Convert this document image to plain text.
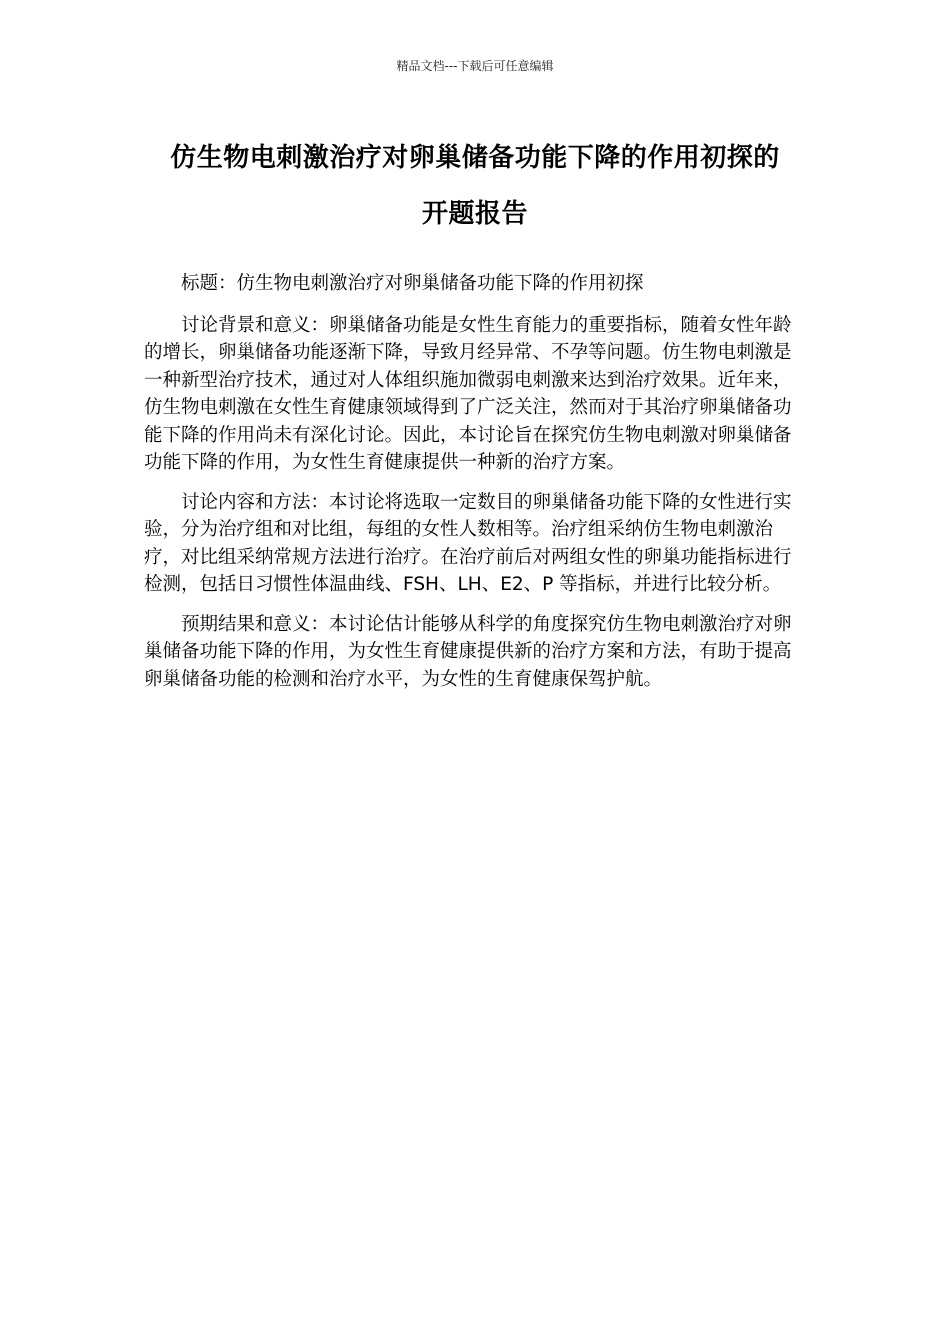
精品文档---下载后可任意编辑
仿生物电刺激治疗对卵巢储备功能下降的作用初探的
开题报告

标题：仿生物电刺激治疗对卵巢储备功能下降的作用初探

讨论背景和意义：卵巢储备功能是女性生育能力的重要指标，随着女性年龄的增长，卵巢储备功能逐渐下降，导致月经异常、不孕等问题。仿生物电刺激是一种新型治疗技术，通过对人体组织施加微弱电刺激来达到治疗效果。近年来，仿生物电刺激在女性生育健康领域得到了广泛关注，然而对于其治疗卵巢储备功能下降的作用尚未有深化讨论。因此，本讨论旨在探究仿生物电刺激对卵巢储备功能下降的作用，为女性生育健康提供一种新的治疗方案。

讨论内容和方法：本讨论将选取一定数目的卵巢储备功能下降的女性进行实验，分为治疗组和对比组，每组的女性人数相等。治疗组采纳仿生物电刺激治疗，对比组采纳常规方法进行治疗。在治疗前后对两组女性的卵巢功能指标进行检测，包括日习惯性体温曲线、FSH、LH、E2、P 等指标，并进行比较分析。

预期结果和意义：本讨论估计能够从科学的角度探究仿生物电刺激治疗对卵巢储备功能下降的作用，为女性生育健康提供新的治疗方案和方法，有助于提高卵巢储备功能的检测和治疗水平，为女性的生育健康保驾护航。
